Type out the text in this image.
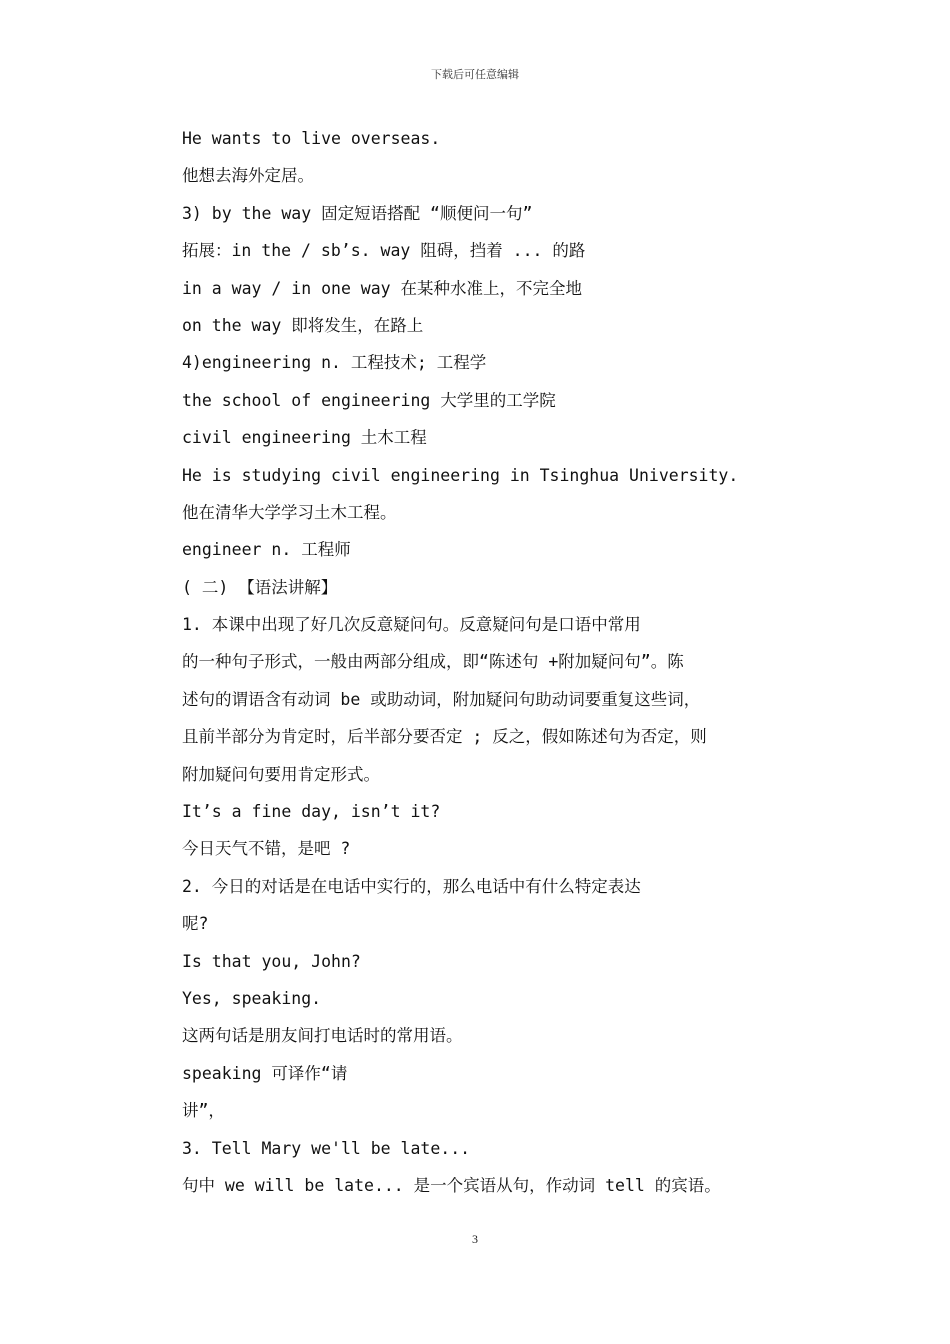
下载后可任意编辑
He wants to live overseas.
他想去海外定居。
3) by the way 固定短语搭配 “顺便问一句”
拓展：in the / sb’s. way 阻碍，挡着 ... 的路
in a way / in one way 在某种水准上，不完全地
on the way 即将发生，在路上
4)engineering n. 工程技术; 工程学
the school of engineering 大学里的工学院
civil engineering 土木工程
He is studying civil engineering in Tsinghua University.
他在清华大学学习土木工程。
engineer n. 工程师
( 二) 【语法讲解】
1. 本课中出现了好几次反意疑问句。反意疑问句是口语中常用
的一种句子形式，一般由两部分组成，即“陈述句 +附加疑问句”。陈
述句的谓语含有动词 be 或助动词，附加疑问句助动词要重复这些词，
且前半部分为肯定时，后半部分要否定 ; 反之，假如陈述句为否定，则
附加疑问句要用肯定形式。
It’s a fine day, isn’t it?
今日天气不错，是吧 ?
2. 今日的对话是在电话中实行的，那么电话中有什么特定表达
呢?
Is that you, John?
Yes, speaking.
这两句话是朋友间打电话时的常用语。
speaking 可译作“请
讲”，
3. Tell Mary we'll be late...
句中 we will be late... 是一个宾语从句，作动词 tell 的宾语。
3
